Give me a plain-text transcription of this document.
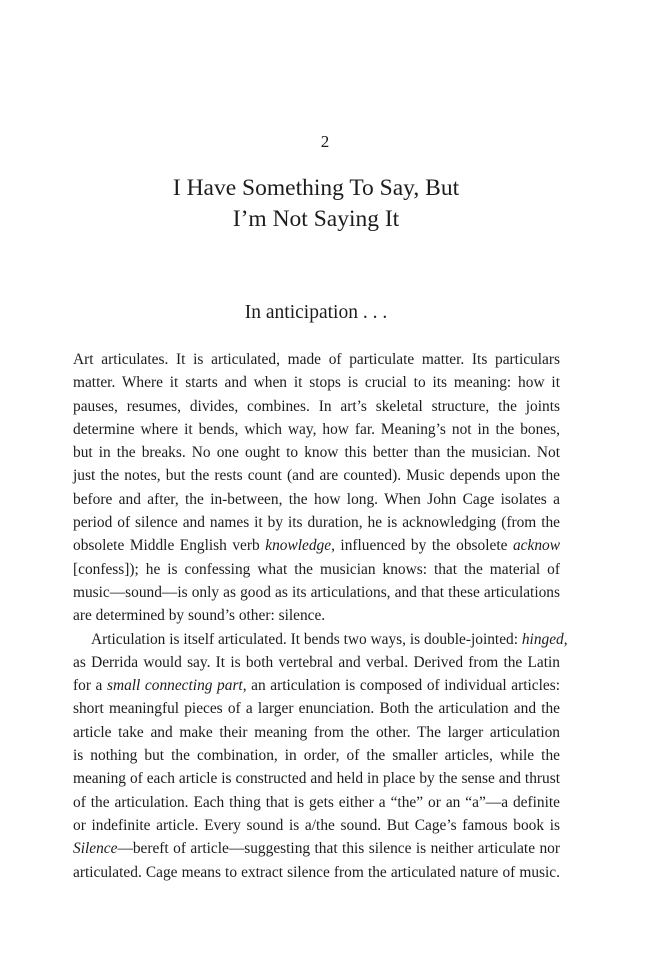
2
I Have Something To Say, But
I’m Not Saying It
In anticipation . . .
Art articulates. It is articulated, made of particulate matter. Its particulars
matter. Where it starts and when it stops is crucial to its meaning: how it
pauses, resumes, divides, combines. In art’s skeletal structure, the joints
determine where it bends, which way, how far. Meaning’s not in the bones,
but in the breaks. No one ought to know this better than the musician. Not
just the notes, but the rests count (and are counted). Music depends upon the
before and after, the in-between, the how long. When John Cage isolates a
period of silence and names it by its duration, he is acknowledging (from the
obsolete Middle English verb knowledge, influenced by the obsolete acknow
[confess]); he is confessing what the musician knows: that the material of
music—sound—is only as good as its articulations, and that these articulations
are determined by sound’s other: silence.
Articulation is itself articulated. It bends two ways, is double-jointed: hinged,
as Derrida would say. It is both vertebral and verbal. Derived from the Latin
for a small connecting part, an articulation is composed of individual articles:
short meaningful pieces of a larger enunciation. Both the articulation and the
article take and make their meaning from the other. The larger articulation
is nothing but the combination, in order, of the smaller articles, while the
meaning of each article is constructed and held in place by the sense and thrust
of the articulation. Each thing that is gets either a “the” or an “a”—a definite
or indefinite article. Every sound is a/the sound. But Cage’s famous book is
Silence—bereft of article—suggesting that this silence is neither articulate nor
articulated. Cage means to extract silence from the articulated nature of music.
